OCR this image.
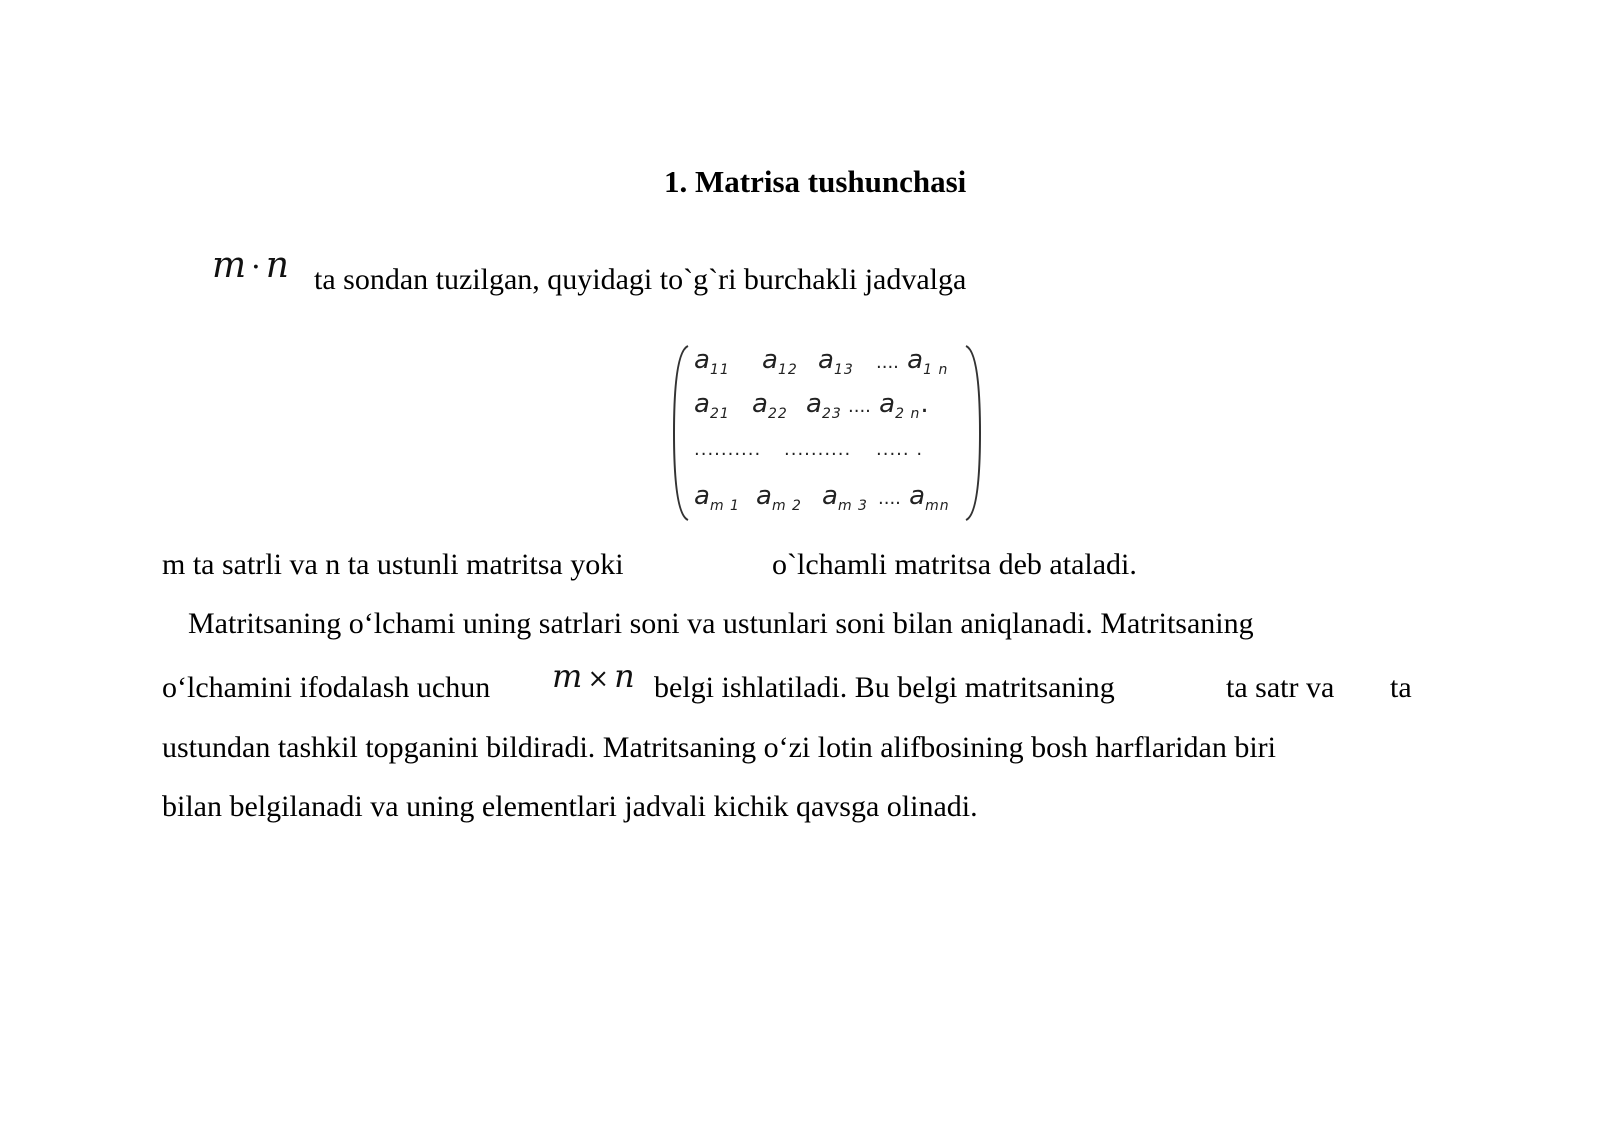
1. Matrisa tushunchasi
m · n ta sondan tuzilgan, quyidagi to`g`ri burchakli jadvalga
$a_{11}$ $a_{12}$ $a_{13}$ .... $a_{1 n}$
$a_{21}$ $a_{22}$ $a_{23}$ .... $a_{2 n}$.
.......... .......... ..... .
$a_{m 1}$ $a_{m 2}$ $a_{m 3}$ .... $a_{mn}$
m ta satrli va n ta ustunli matritsa yoki	o`lchamli matritsa deb ataladi.
Matritsaning o‘lchami uning satrlari soni va ustunlari soni bilan aniqlanadi. Matritsaning
o‘lchamini ifodalash uchun m × n belgi ishlatiladi. Bu belgi matritsaning	ta satr va ta
ustundan tashkil topganini bildiradi. Matritsaning o‘zi lotin alifbosining bosh harflaridan biri
bilan belgilanadi va uning elementlari jadvali kichik qavsga olinadi.
